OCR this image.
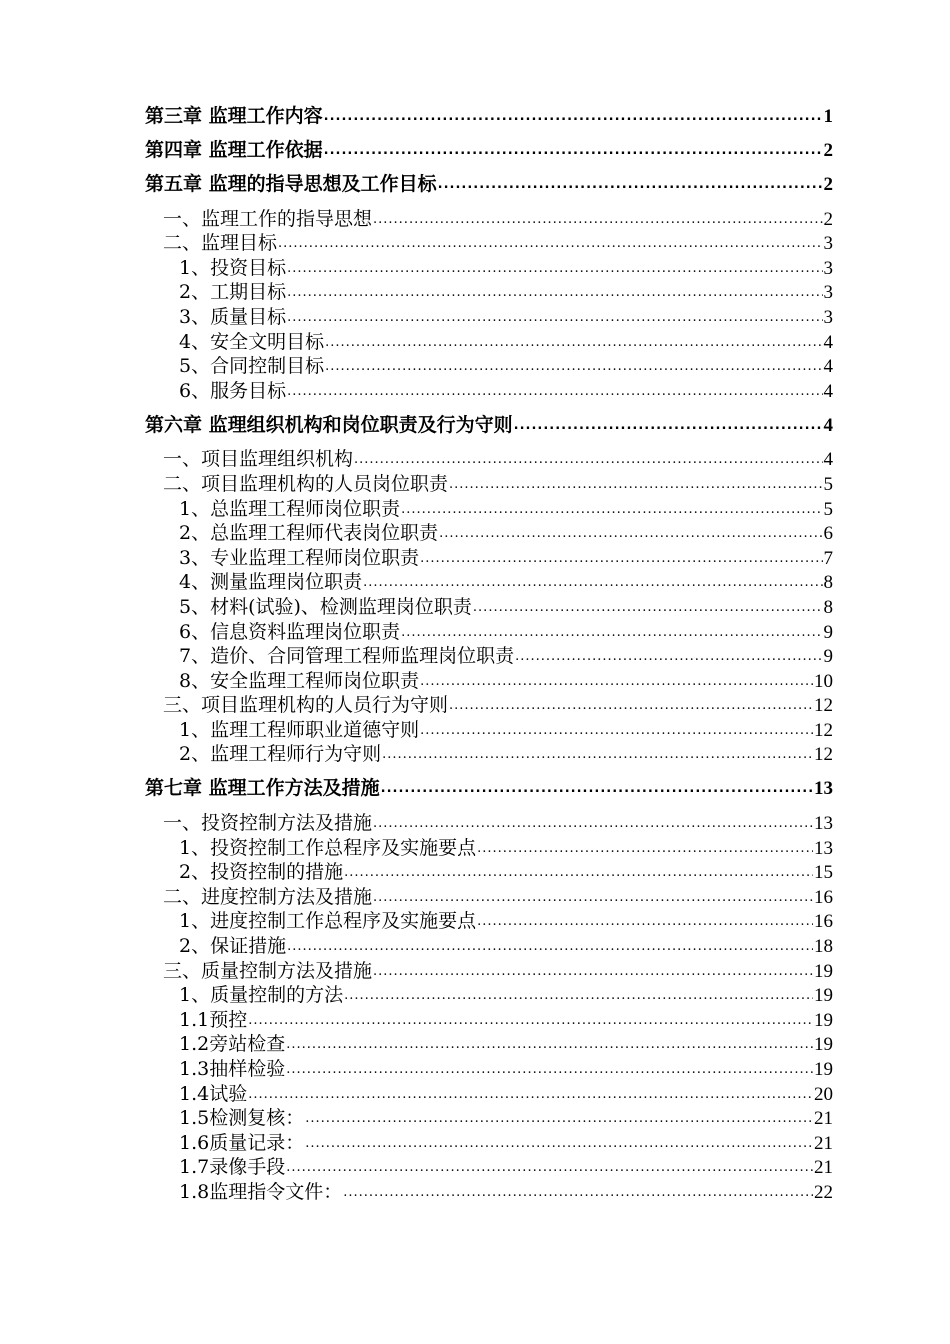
第三章 监理工作内容 .....	1
第四章 监理工作依据 .....	2
第五章 监理的指导思想及工作目标 .....	2
一、监理工作的指导思想 .....	2
二、监理目标 .....	3
1、投资目标 .....	3
2、工期目标 .....	3
3、质量目标 .....	3
4、安全文明目标 .....	4
5、合同控制目标 .....	4
6、服务目标 .....	4
第六章 监理组织机构和岗位职责及行为守则 .....	4
一、项目监理组织机构 .....	4
二、项目监理机构的人员岗位职责 .....	5
1、总监理工程师岗位职责 .....	5
2、总监理工程师代表岗位职责 .....	6
3、专业监理工程师岗位职责 .....	7
4、测量监理岗位职责 .....	8
5、材料(试验)、检测监理岗位职责 .....	8
6、信息资料监理岗位职责 .....	9
7、造价、合同管理工程师监理岗位职责 .....	9
8、安全监理工程师岗位职责 .....	10
三、项目监理机构的人员行为守则 .....	12
1、监理工程师职业道德守则 .....	12
2、监理工程师行为守则 .....	12
第七章 监理工作方法及措施 .....	13
一、投资控制方法及措施 .....	13
1、投资控制工作总程序及实施要点 .....	13
2、投资控制的措施 .....	15
二、进度控制方法及措施 .....	16
1、进度控制工作总程序及实施要点 .....	16
2、保证措施 .....	18
三、质量控制方法及措施 .....	19
1、质量控制的方法 .....	19
1.1预控 .....	19
1.2旁站检查 .....	19
1.3抽样检验 .....	19
1.4试验 .....	20
1.5检测复核： .....	21
1.6质量记录： .....	21
1.7录像手段 .....	21
1.8监理指令文件： .....	22
